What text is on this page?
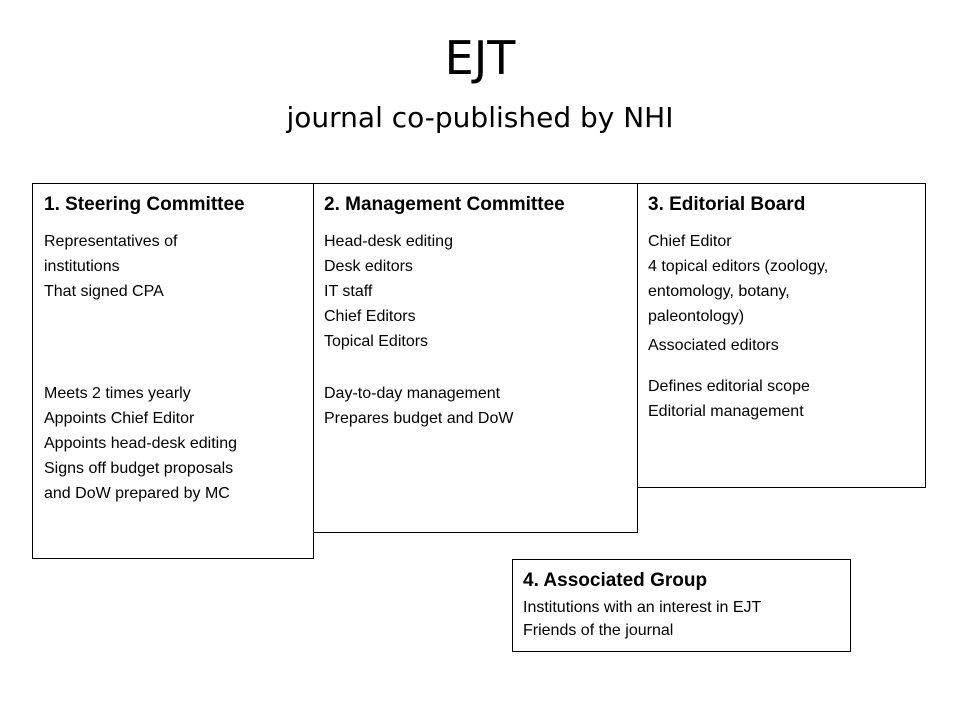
EJT
journal co-published by NHI
1. Steering Committee
Representatives of
institutions
That signed CPA
Meets 2 times yearly
Appoints Chief Editor
Appoints head-desk editing
Signs off budget proposals
and DoW prepared by MC
2. Management Committee
Head-desk editing
Desk editors
IT staff
Chief Editors
Topical Editors
Day-to-day management
Prepares budget and DoW
3. Editorial Board
Chief Editor
4 topical editors (zoology,
entomology, botany,
paleontology)
Associated editors
Defines editorial scope
Editorial management
4. Associated Group
Institutions with an interest in EJT
Friends of the journal
